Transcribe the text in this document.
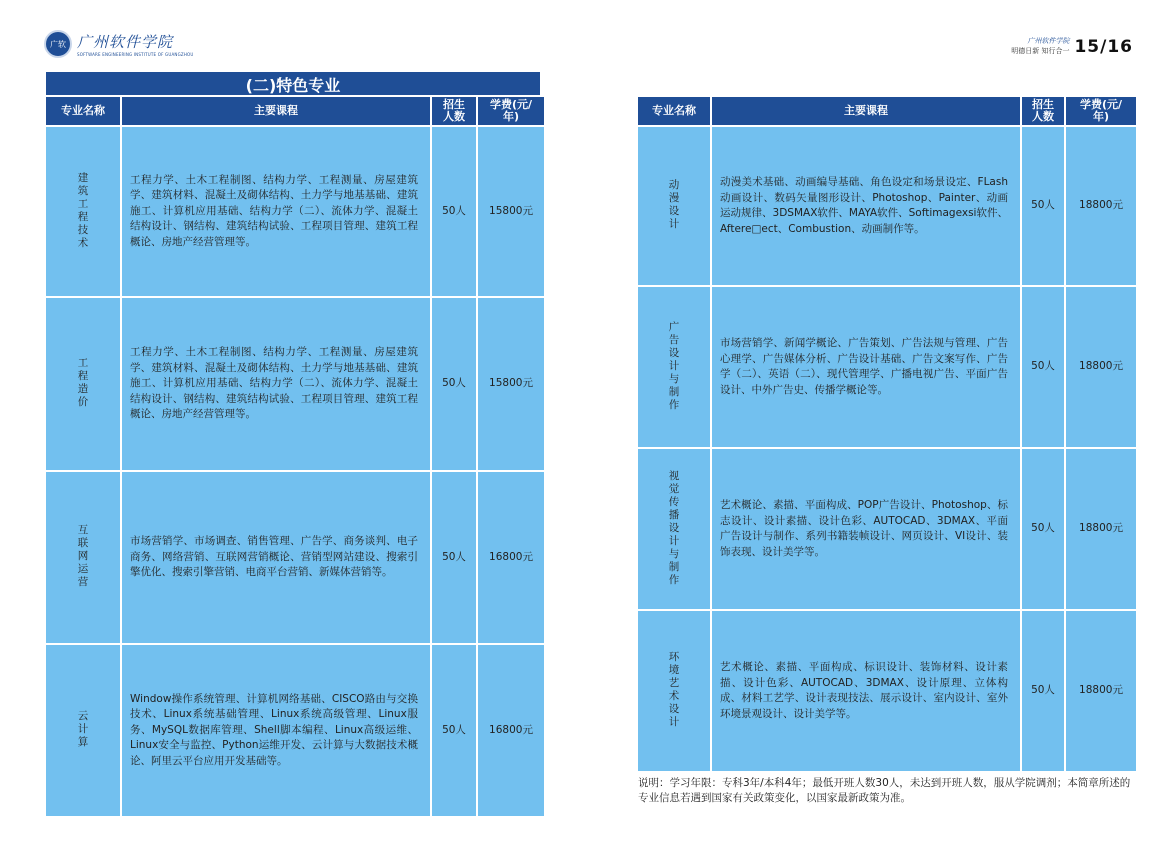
广软 广州软件学院
SOFTWARE ENGINEERING INSTITUTE OF GUANGZHOU
广州软件学院
明德日新 知行合一 15/16
(二)特色专业
专业名称	主要课程	招生人数	学费(元/年)
建筑工程技术	工程力学、土木工程制图、结构力学、工程测量、房屋建筑学、建筑材料、混凝土及砌体结构、土力学与地基基础、建筑施工、计算机应用基础、结构力学（二）、流体力学、混凝土结构设计、钢结构、建筑结构试验、工程项目管理、建筑工程概论、房地产经营管理等。	50人	15800元
工程造价	工程力学、土木工程制图、结构力学、工程测量、房屋建筑学、建筑材料、混凝土及砌体结构、土力学与地基基础、建筑施工、计算机应用基础、结构力学（二）、流体力学、混凝土结构设计、钢结构、建筑结构试验、工程项目管理、建筑工程概论、房地产经营管理等。	50人	15800元
互联网运营	市场营销学、市场调查、销售管理、广告学、商务谈判、电子商务、网络营销、互联网营销概论、营销型网站建设、搜索引擎优化、搜索引擎营销、电商平台营销、新媒体营销等。	50人	16800元
云计算	Window操作系统管理、计算机网络基础、CISCO路由与交换技术、Linux系统基础管理、Linux系统高级管理、Linux服务、MySQL数据库管理、Shell脚本编程、Linux高级运维、Linux安全与监控、Python运维开发、云计算与大数据技术概论、阿里云平台应用开发基础等。	50人	16800元
专业名称	主要课程	招生人数	学费(元/年)
动漫设计	动漫美术基础、动画编导基础、角色设定和场景设定、FLash动画设计、数码矢量图形设计、Photoshop、Painter、动画运动规律、3DSMAX软件、MAYA软件、Softimagexsi软件、Aftere□ect、Combustion、动画制作等。	50人	18800元
广告设计与制作	市场营销学、新闻学概论、广告策划、广告法规与管理、广告心理学、广告媒体分析、广告设计基础、广告文案写作、广告学（二）、英语（二）、现代管理学、广播电视广告、平面广告设计、中外广告史、传播学概论等。	50人	18800元
视觉传播设计与制作	艺术概论、素描、平面构成、POP广告设计、Photoshop、标志设计、设计素描、设计色彩、AUTOCAD、3DMAX、平面广告设计与制作、系列书籍装帧设计、网页设计、VI设计、装饰表现、设计美学等。	50人	18800元
环境艺术设计	艺术概论、素描、平面构成、标识设计、装饰材料、设计素描、设计色彩、AUTOCAD、3DMAX、设计原理、立体构成、材料工艺学、设计表现技法、展示设计、室内设计、室外环境景观设计、设计美学等。	50人	18800元
说明：学习年限：专科3年/本科4年；最低开班人数30人，未达到开班人数，服从学院调剂；本简章所述的专业信息若遇到国家有关政策变化，以国家最新政策为准。
